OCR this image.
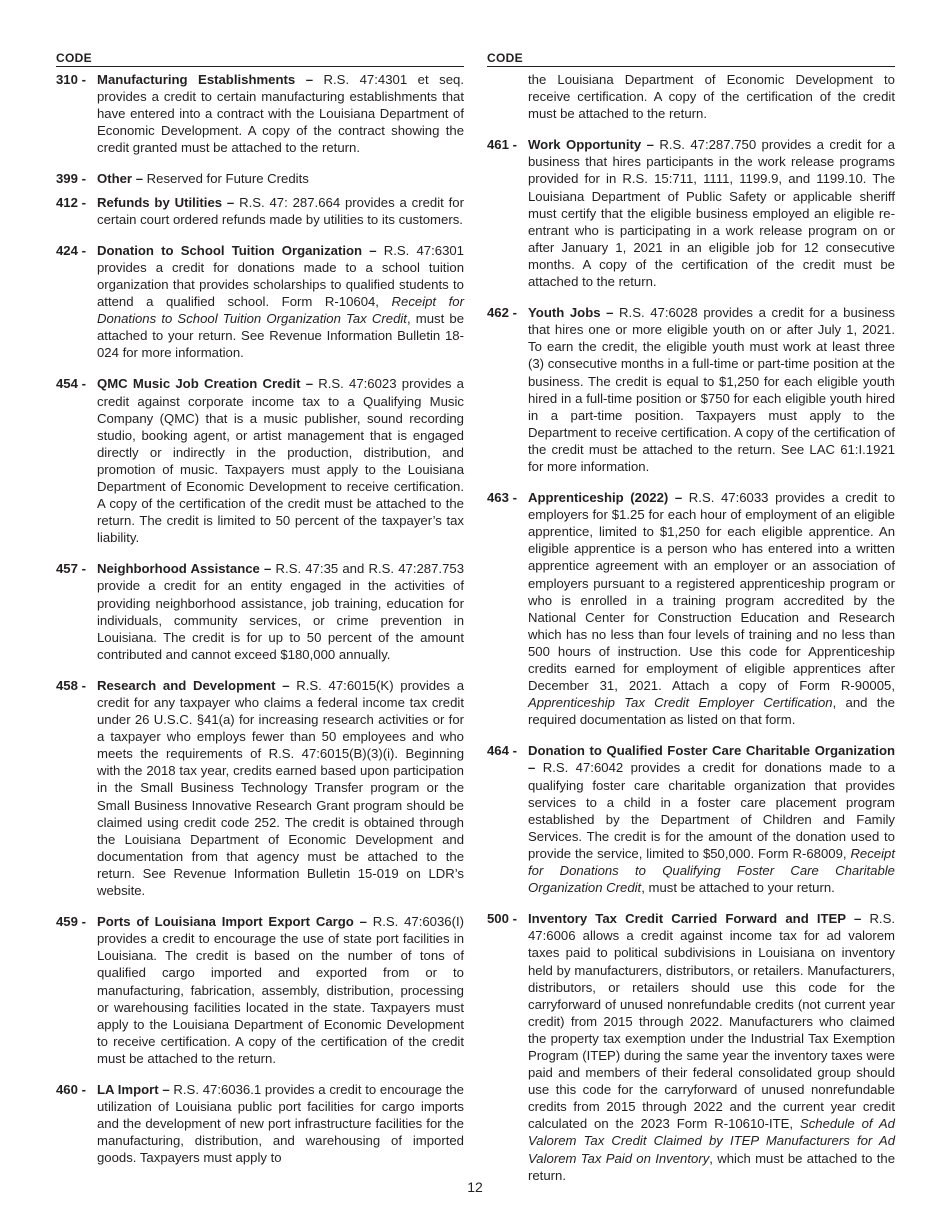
CODE
310 - Manufacturing Establishments – R.S. 47:4301 et seq. provides a credit to certain manufacturing establishments that have entered into a contract with the Louisiana Department of Economic Development. A copy of the contract showing the credit granted must be attached to the return.
399 - Other – Reserved for Future Credits
412 - Refunds by Utilities – R.S. 47: 287.664 provides a credit for certain court ordered refunds made by utilities to its customers.
424 - Donation to School Tuition Organization – R.S. 47:6301 provides a credit for donations made to a school tuition organization that provides scholarships to qualified students to attend a qualified school. Form R-10604, Receipt for Donations to School Tuition Organization Tax Credit, must be attached to your return. See Revenue Information Bulletin 18-024 for more information.
454 - QMC Music Job Creation Credit – R.S. 47:6023 provides a credit against corporate income tax to a Qualifying Music Company (QMC) that is a music publisher, sound recording studio, booking agent, or artist management that is engaged directly or indirectly in the production, distribution, and promotion of music. Taxpayers must apply to the Louisiana Department of Economic Development to receive certification. A copy of the certification of the credit must be attached to the return. The credit is limited to 50 percent of the taxpayer’s tax liability.
457 - Neighborhood Assistance – R.S. 47:35 and R.S. 47:287.753 provide a credit for an entity engaged in the activities of providing neighborhood assistance, job training, education for individuals, community services, or crime prevention in Louisiana. The credit is for up to 50 percent of the amount contributed and cannot exceed $180,000 annually.
458 - Research and Development – R.S. 47:6015(K) provides a credit for any taxpayer who claims a federal income tax credit under 26 U.S.C. §41(a) for increasing research activities or for a taxpayer who employs fewer than 50 employees and who meets the requirements of R.S. 47:6015(B)(3)(i). Beginning with the 2018 tax year, credits earned based upon participation in the Small Business Technology Transfer program or the Small Business Innovative Research Grant program should be claimed using credit code 252. The credit is obtained through the Louisiana Department of Economic Development and documentation from that agency must be attached to the return. See Revenue Information Bulletin 15-019 on LDR’s website.
459 - Ports of Louisiana Import Export Cargo – R.S. 47:6036(I) provides a credit to encourage the use of state port facilities in Louisiana. The credit is based on the number of tons of qualified cargo imported and exported from or to manufacturing, fabrication, assembly, distribution, processing or warehousing facilities located in the state. Taxpayers must apply to the Louisiana Department of Economic Development to receive certification. A copy of the certification of the credit must be attached to the return.
460 - LA Import – R.S. 47:6036.1 provides a credit to encourage the utilization of Louisiana public port facilities for cargo imports and the development of new port infrastructure facilities for the manufacturing, distribution, and warehousing of imported goods. Taxpayers must apply to
CODE
the Louisiana Department of Economic Development to receive certification. A copy of the certification of the credit must be attached to the return.
461 - Work Opportunity – R.S. 47:287.750 provides a credit for a business that hires participants in the work release programs provided for in R.S. 15:711, 1111, 1199.9, and 1199.10. The Louisiana Department of Public Safety or applicable sheriff must certify that the eligible business employed an eligible re-entrant who is participating in a work release program on or after January 1, 2021 in an eligible job for 12 consecutive months. A copy of the certification of the credit must be attached to the return.
462 - Youth Jobs – R.S. 47:6028 provides a credit for a business that hires one or more eligible youth on or after July 1, 2021. To earn the credit, the eligible youth must work at least three (3) consecutive months in a full-time or part-time position at the business. The credit is equal to $1,250 for each eligible youth hired in a full-time position or $750 for each eligible youth hired in a part-time position. Taxpayers must apply to the Department to receive certification. A copy of the certification of the credit must be attached to the return. See LAC 61:I.1921 for more information.
463 - Apprenticeship (2022) – R.S. 47:6033 provides a credit to employers for $1.25 for each hour of employment of an eligible apprentice, limited to $1,250 for each eligible apprentice. An eligible apprentice is a person who has entered into a written apprentice agreement with an employer or an association of employers pursuant to a registered apprenticeship program or who is enrolled in a training program accredited by the National Center for Construction Education and Research which has no less than four levels of training and no less than 500 hours of instruction. Use this code for Apprenticeship credits earned for employment of eligible apprentices after December 31, 2021. Attach a copy of Form R-90005, Apprenticeship Tax Credit Employer Certification, and the required documentation as listed on that form.
464 - Donation to Qualified Foster Care Charitable Organization – R.S. 47:6042 provides a credit for donations made to a qualifying foster care charitable organization that provides services to a child in a foster care placement program established by the Department of Children and Family Services. The credit is for the amount of the donation used to provide the service, limited to $50,000. Form R-68009, Receipt for Donations to Qualifying Foster Care Charitable Organization Credit, must be attached to your return.
500 - Inventory Tax Credit Carried Forward and ITEP – R.S. 47:6006 allows a credit against income tax for ad valorem taxes paid to political subdivisions in Louisiana on inventory held by manufacturers, distributors, or retailers. Manufacturers, distributors, or retailers should use this code for the carryforward of unused nonrefundable credits (not current year credit) from 2015 through 2022. Manufacturers who claimed the property tax exemption under the Industrial Tax Exemption Program (ITEP) during the same year the inventory taxes were paid and members of their federal consolidated group should use this code for the carryforward of unused nonrefundable credits from 2015 through 2022 and the current year credit calculated on the 2023 Form R-10610-ITE, Schedule of Ad Valorem Tax Credit Claimed by ITEP Manufacturers for Ad Valorem Tax Paid on Inventory, which must be attached to the return.
12
